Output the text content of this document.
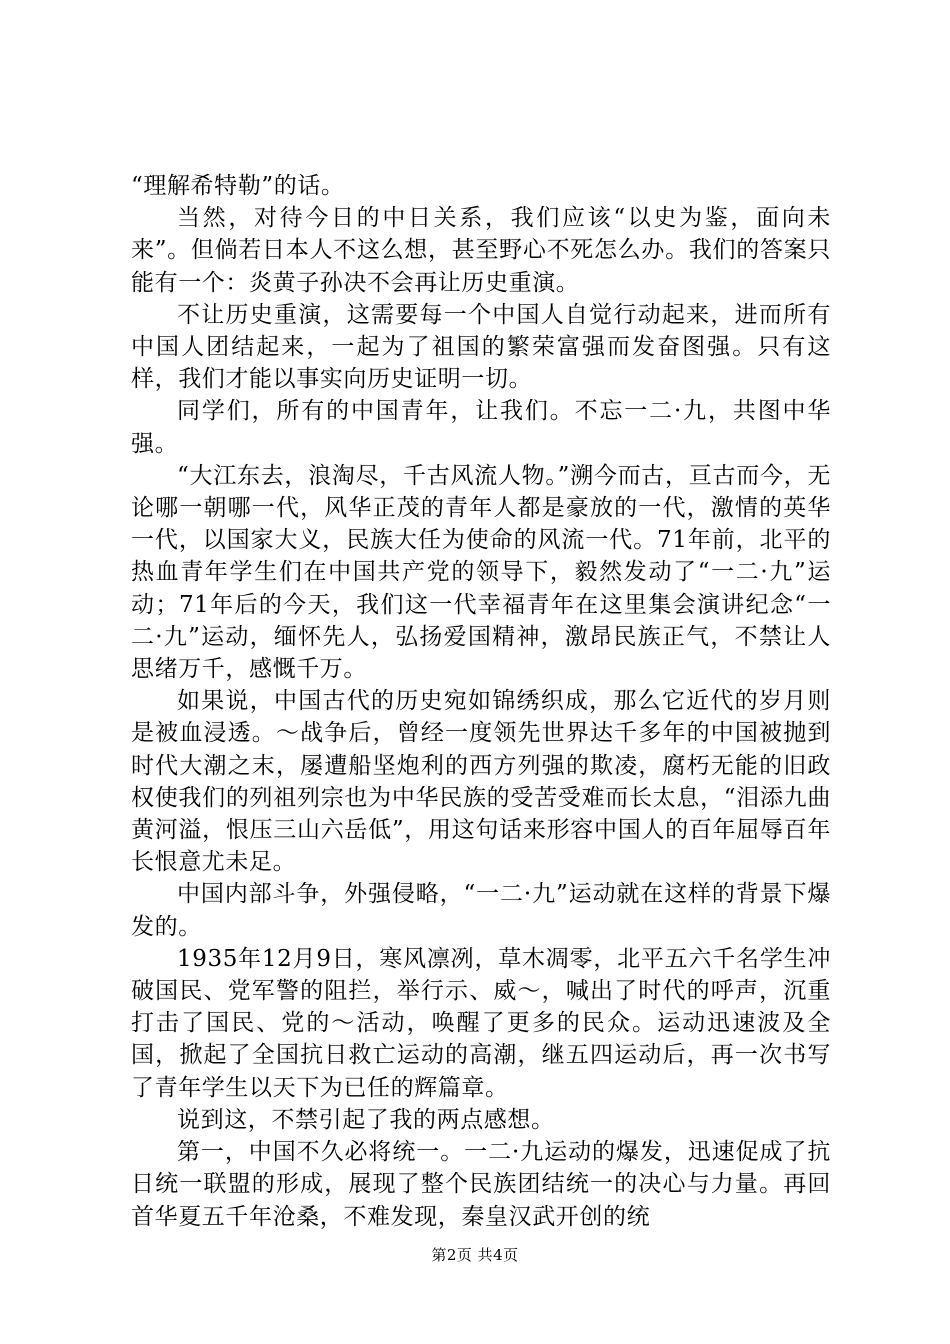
“理解希特勒”的话。

当然，对待今日的中日关系，我们应该“以史为鉴，面向未来”。但倘若日本人不这么想，甚至野心不死怎么办。我们的答案只能有一个：炎黄子孙决不会再让历史重演。

不让历史重演，这需要每一个中国人自觉行动起来，进而所有中国人团结起来，一起为了祖国的繁荣富强而发奋图强。只有这样，我们才能以事实向历史证明一切。

同学们，所有的中国青年，让我们。不忘一二·九，共图中华强。

“大江东去，浪淘尽，千古风流人物。”溯今而古，亘古而今，无论哪一朝哪一代，风华正茂的青年人都是豪放的一代，激情的英华一代，以国家大义，民族大任为使命的风流一代。71年前，北平的热血青年学生们在中国共产党的领导下，毅然发动了“一二·九”运动；71年后的今天，我们这一代幸福青年在这里集会演讲纪念“一二·九”运动，缅怀先人，弘扬爱国精神，激昂民族正气，不禁让人思绪万千，感慨千万。

如果说，中国古代的历史宛如锦绣织成，那么它近代的岁月则是被血浸透。～战争后，曾经一度领先世界达千多年的中国被抛到时代大潮之末，屡遭船坚炮利的西方列强的欺凌，腐朽无能的旧政权使我们的列祖列宗也为中华民族的受苦受难而长太息，“泪添九曲黄河溢，恨压三山六岳低”，用这句话来形容中国人的百年屈辱百年长恨意尤未足。

中国内部斗争，外强侵略，“一二·九”运动就在这样的背景下爆发的。

1935年12月9日，寒风凛冽，草木凋零，北平五六千名学生冲破国民、党军警的阻拦，举行示、威～，喊出了时代的呼声，沉重打击了国民、党的～活动，唤醒了更多的民众。运动迅速波及全国，掀起了全国抗日救亡运动的高潮，继五四运动后，再一次书写了青年学生以天下为已任的辉篇章。

说到这，不禁引起了我的两点感想。

第一，中国不久必将统一。一二·九运动的爆发，迅速促成了抗日统一联盟的形成，展现了整个民族团结统一的决心与力量。再回首华夏五千年沧桑，不难发现，秦皇汉武开创的统

第2页 共4页
